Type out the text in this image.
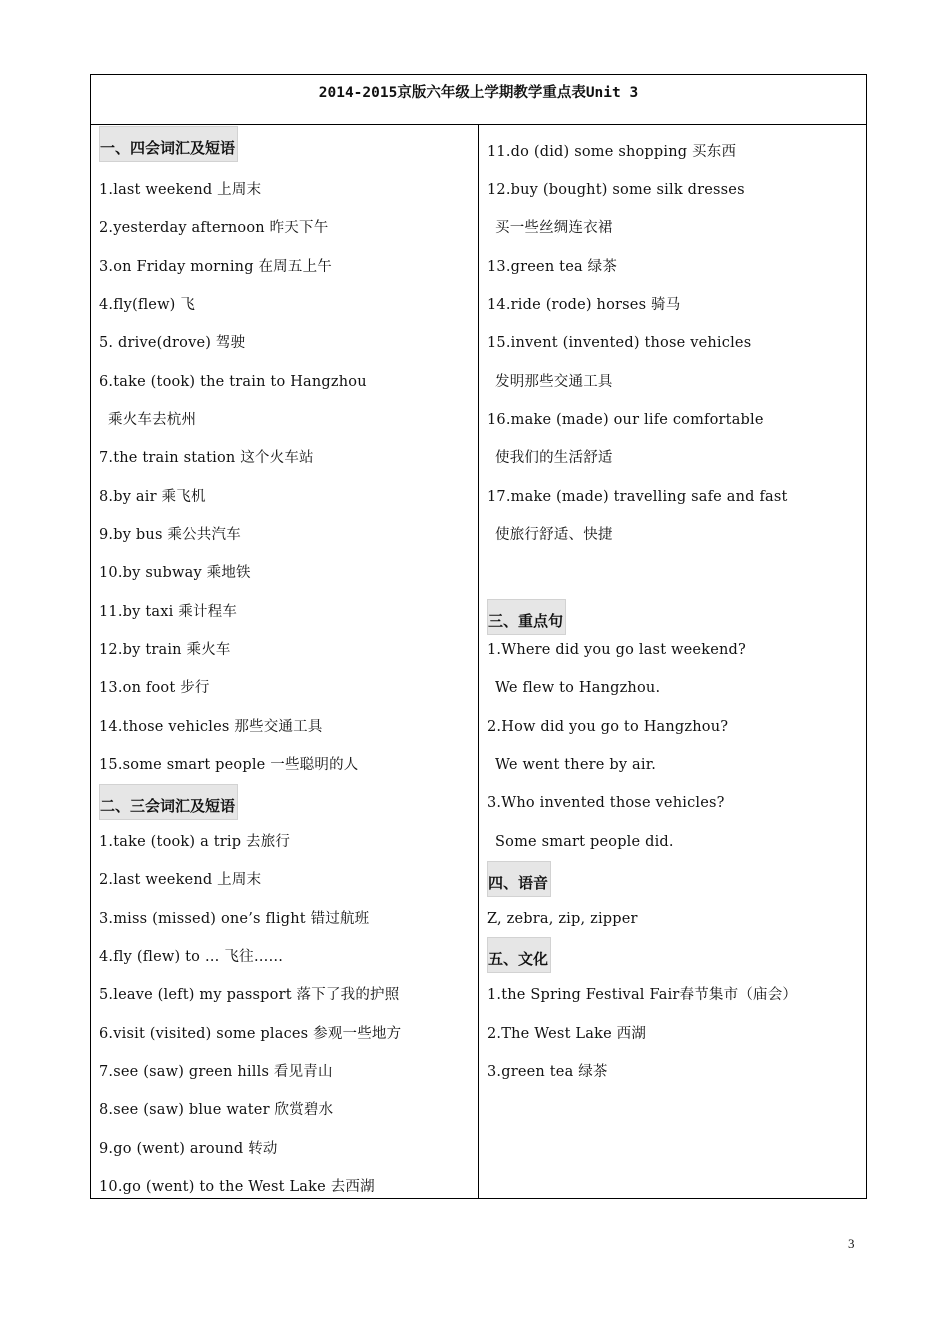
2014-2015京版六年级上学期教学重点表Unit 3
一、四会词汇及短语
1.last weekend 上周末
2.yesterday afternoon 昨天下午
3.on Friday morning 在周五上午
4.fly(flew) 飞
5. drive(drove) 驾驶
6.take (took) the train to Hangzhou
乘火车去杭州
7.the train station 这个火车站
8.by air 乘飞机
9.by bus 乘公共汽车
10.by subway 乘地铁
11.by taxi 乘计程车
12.by train 乘火车
13.on foot 步行
14.those vehicles 那些交通工具
15.some smart people 一些聪明的人
二、三会词汇及短语
1.take (took) a trip 去旅行
2.last weekend 上周末
3.miss (missed) one’s flight 错过航班
4.fly (flew) to … 飞往……
5.leave (left) my passport 落下了我的护照
6.visit (visited) some places 参观一些地方
7.see (saw) green hills 看见青山
8.see (saw) blue water 欣赏碧水
9.go (went) around 转动
10.go (went) to the West Lake 去西湖
11.do (did) some shopping 买东西
12.buy (bought) some silk dresses
买一些丝绸连衣裙
13.green tea 绿茶
14.ride (rode) horses 骑马
15.invent (invented) those vehicles
发明那些交通工具
16.make (made) our life comfortable
使我们的生活舒适
17.make (made) travelling safe and fast
使旅行舒适、快捷
三、重点句
1.Where did you go last weekend?
We flew to Hangzhou.
2.How did you go to Hangzhou?
We went there by air.
3.Who invented those vehicles?
Some smart people did.
四、语音
Z, zebra, zip, zipper
五、文化
1.the Spring Festival Fair春节集市（庙会）
2.The West Lake 西湖
3.green tea 绿茶
3
